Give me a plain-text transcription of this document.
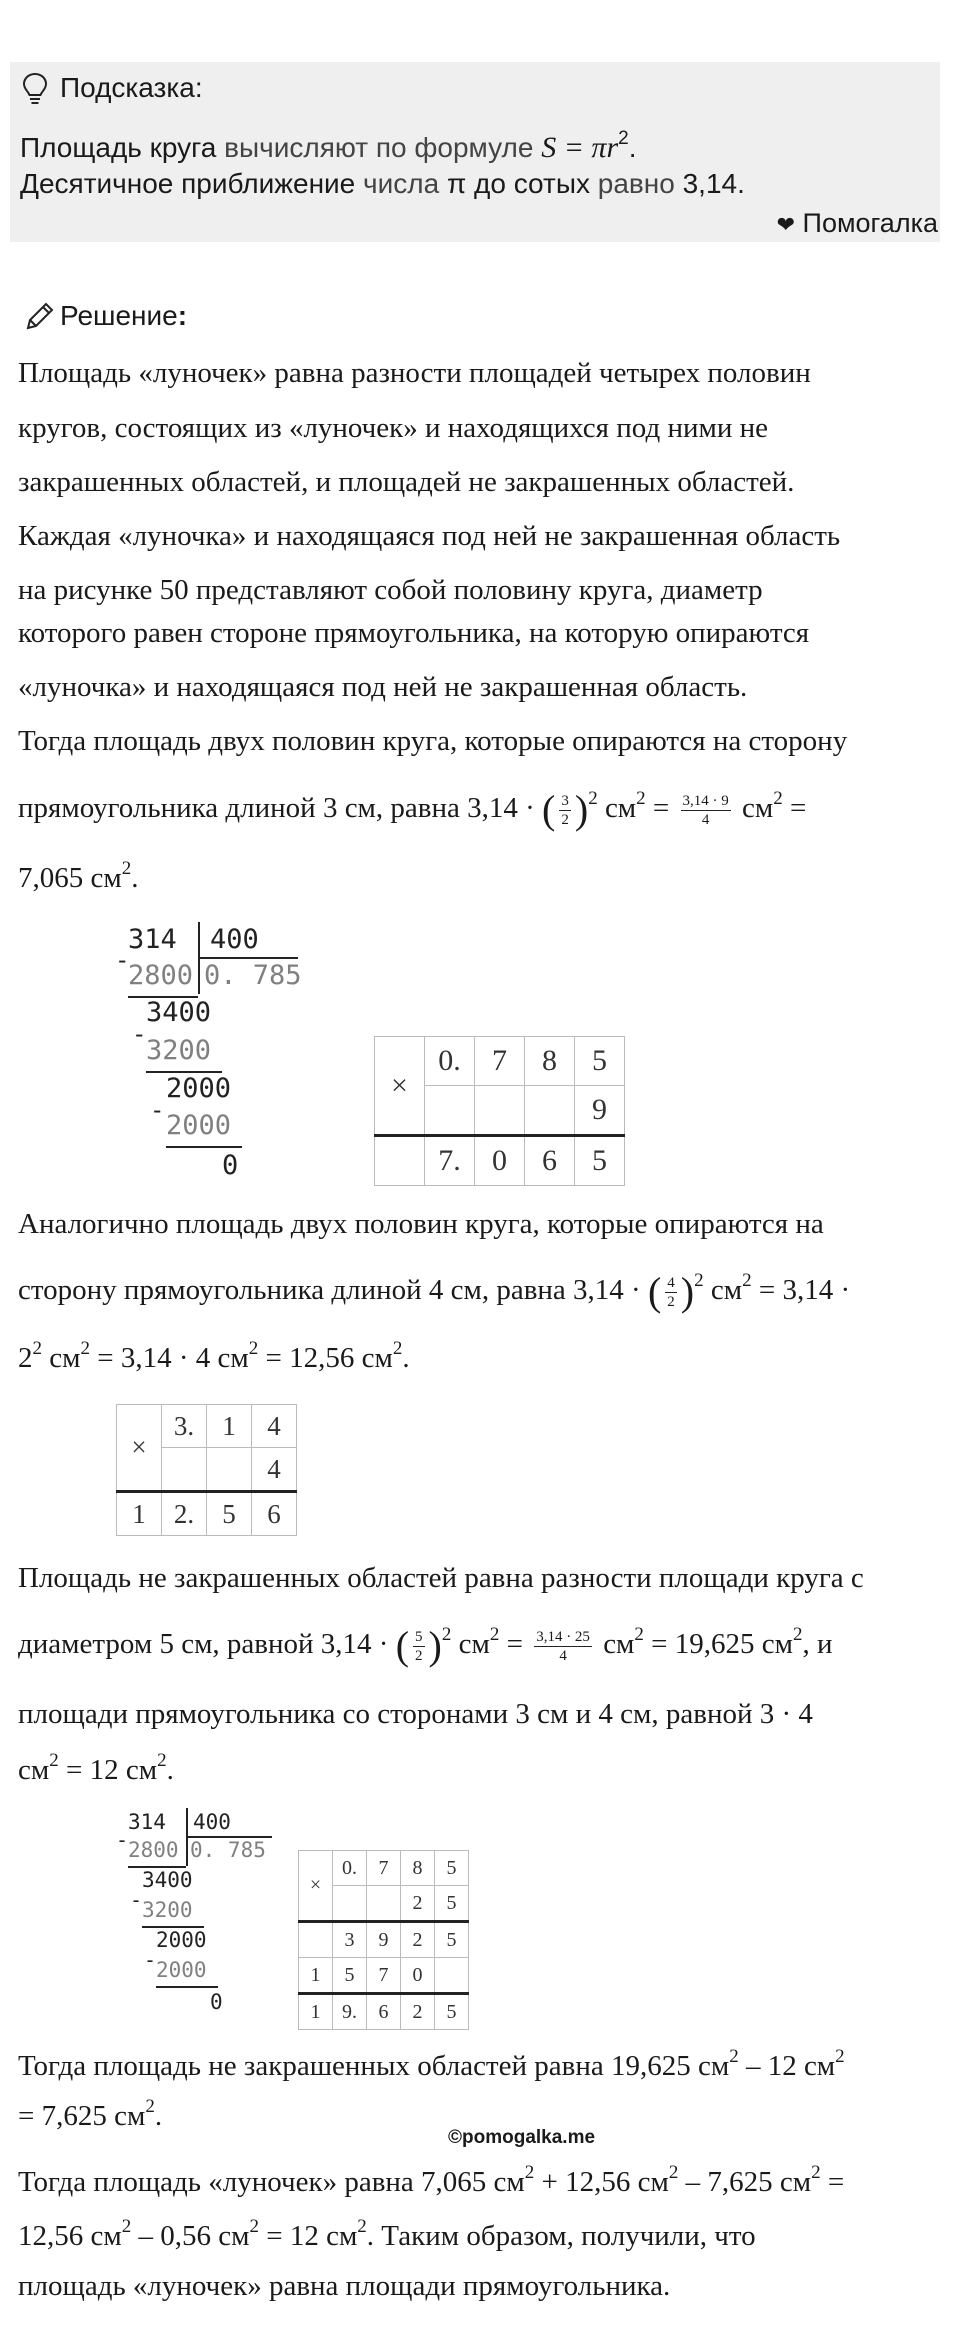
Подсказка:
Площадь круга вычисляют по формуле $S = \pi r^2$.
Десятичное приближение числа π до сотых равно 3,14.
❤ Помогалка
Решение:
Площадь «луночек» равна разности площадей четырех половин
кругов, состоящих из «луночек» и находящихся под ними не
закрашенных областей, и площадей не закрашенных областей.
Каждая «луночка» и находящаяся под ней не закрашенная область
на рисунке 50 представляют собой половину круга, диаметр
которого равен стороне прямоугольника, на которую опираются
«луночка» и находящаяся под ней не закрашенная область.
Тогда площадь двух половин круга, которые опираются на сторону
прямоугольника длиной 3 см, равна 3,14 · ( $\frac{3}{2} )^2$ $см^2 = \frac{3,14 \cdot 9}{4} см^2$ =
7,065 $см^2$.
314 400
-
2800 0. 785
3400
-
3200
2000
- 2000
0
×	0.	7	8	5
				9
	7.	0	6	5
Аналогично площадь двух половин круга, которые опираются на
сторону прямоугольника длиной 4 см, равна 3,14 · ( $\frac{4}{2} )^2$ $см^2 = 3,14$ ·
$2^2$ $см^2 = 3,14 \cdot 4$ $см^2 = 12,56$ $см^2$.
×	3.	1	4
			4
1	2.	5	6
Площадь не закрашенных областей равна разности площади круга с
диаметром 5 см, равной 3,14 · ( $\frac{5}{2} )^2$ $см^2 = \frac{3,14 \cdot 25}{4} см^2 = 19,625$ $см^2$, и
площади прямоугольника со сторонами 3 см и 4 см, равной 3 · 4
$см^2 = 12$ $см^2$.
314 400
- 2800 0. 785
3400
- 3200
2000
- 2000
0
×	0.	7	8	5
			2	5
	3	9	2	5
1	5	7	0	
1	9.	6	2	5
Тогда площадь не закрашенных областей равна 19,625 $см^2 - 12$ $см^2$
= 7,625 $см^2$.
©pomogalka.me
Тогда площадь «луночек» равна 7,065 $см^2 + 12,56$ $см^2 - 7,625$ $см^2$ =
12,56 $см^2 - 0,56$ $см^2 = 12$ $см^2$. Таким образом, получили, что
площадь «луночек» равна площади прямоугольника.
